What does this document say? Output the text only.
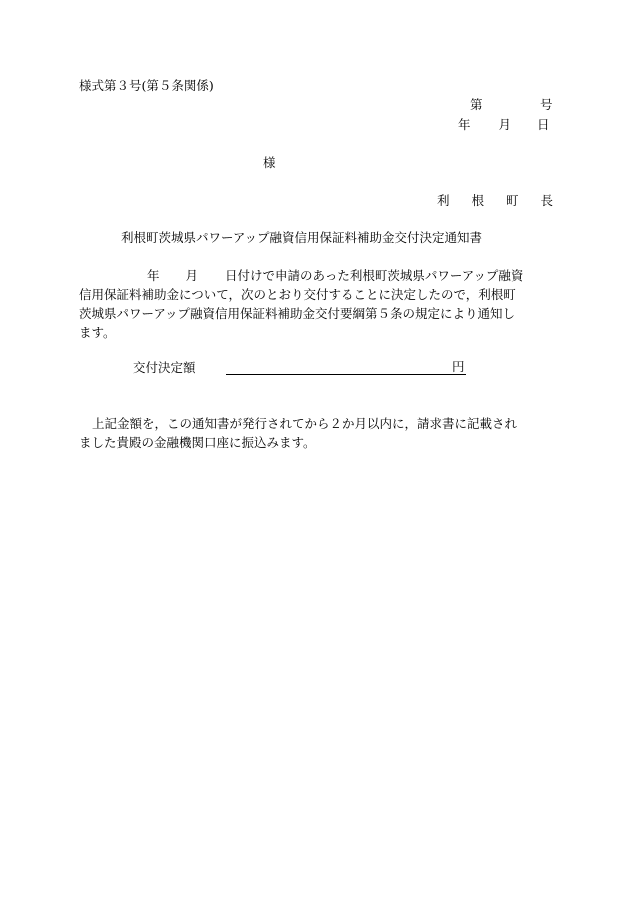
様式第３号(第５条関係)
第	号
年 月 日
様
利 根 町 長
利根町茨城県パワーアップ融資信用保証料補助金交付決定通知書
年 月 日付けで申請のあった利根町茨城県パワーアップ融資
信用保証料補助金について，次のとおり交付することに決定したので，利根町
茨城県パワーアップ融資信用保証料補助金交付要綱第５条の規定により通知し
ます。
交付決定額	円
上記金額を，この通知書が発行されてから２か月以内に，請求書に記載され
ました貴殿の金融機関口座に振込みます。
